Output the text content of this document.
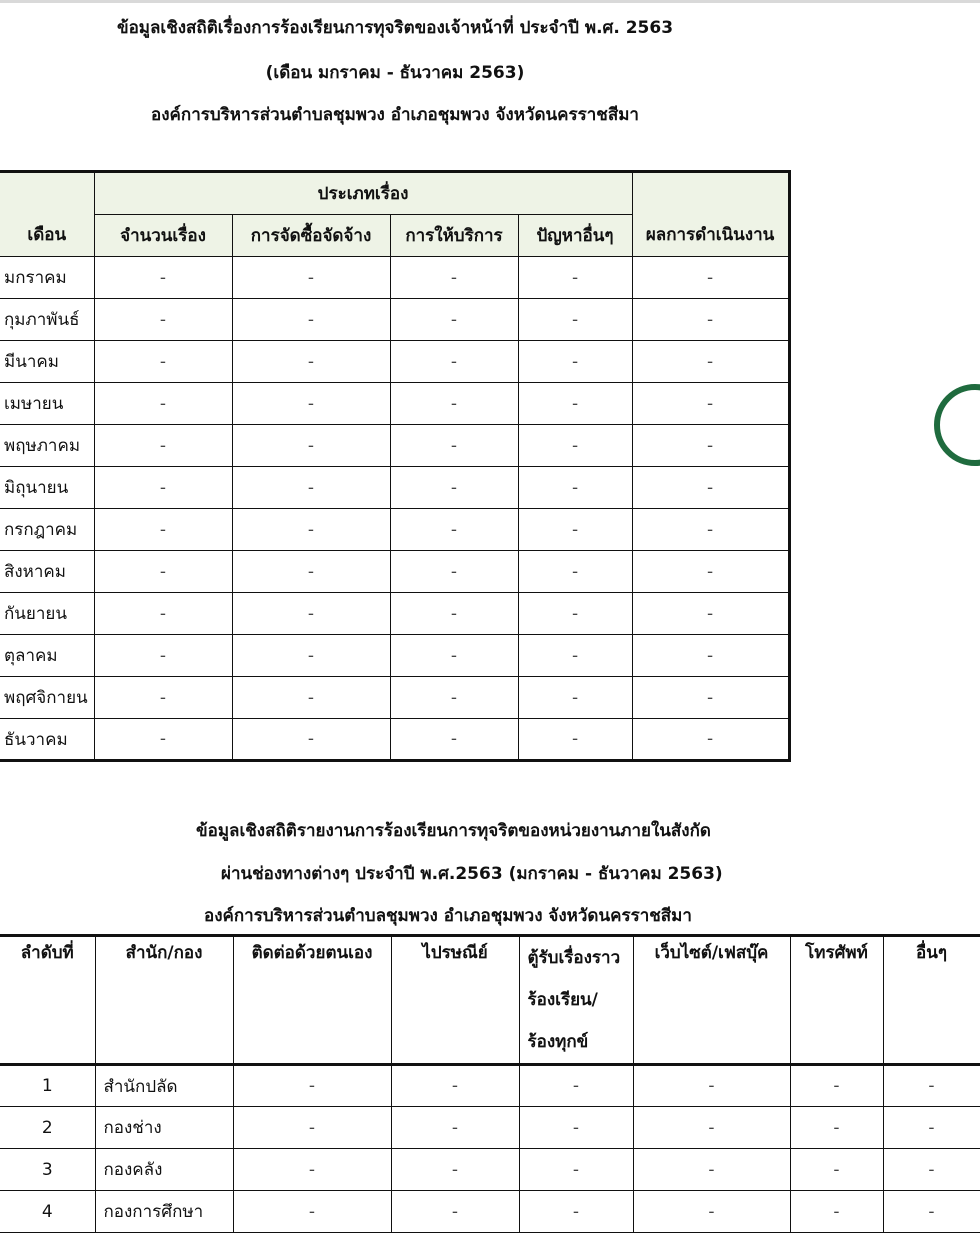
ข้อมูลเชิงสถิติเรื่องการร้องเรียนการทุจริตของเจ้าหน้าที่ ประจำปี พ.ศ. 2563
(เดือน มกราคม - ธันวาคม 2563)
องค์การบริหารส่วนตำบลชุมพวง อำเภอชุมพวง จังหวัดนครราชสีมา
เดือน	ประเภทเรื่อง				ผลการดำเนินงาน
	จำนวนเรื่อง	การจัดซื้อจัดจ้าง	การให้บริการ	ปัญหาอื่นๆ	
มกราคม	-	-	-	-	-
กุมภาพันธ์	-	-	-	-	-
มีนาคม	-	-	-	-	-
เมษายน	-	-	-	-	-
พฤษภาคม	-	-	-	-	-
มิถุนายน	-	-	-	-	-
กรกฎาคม	-	-	-	-	-
สิงหาคม	-	-	-	-	-
กันยายน	-	-	-	-	-
ตุลาคม	-	-	-	-	-
พฤศจิกายน	-	-	-	-	-
ธันวาคม	-	-	-	-	-
ข้อมูลเชิงสถิติรายงานการร้องเรียนการทุจริตของหน่วยงานภายในสังกัด
ผ่านช่องทางต่างๆ ประจำปี พ.ศ.2563 (มกราคม - ธันวาคม 2563)
องค์การบริหารส่วนตำบลชุมพวง อำเภอชุมพวง จังหวัดนครราชสีมา
ลำดับที่	สำนัก/กอง	ติดต่อด้วยตนเอง	ไปรษณีย์	ตู้รับเรื่องราว
ร้องเรียน/
ร้องทุกข์	เว็บไซต์/เฟสบุ๊ค	โทรศัพท์	อื่นๆ
1	สำนักปลัด	-	-	-	-	-	-
2	กองช่าง	-	-	-	-	-	-
3	กองคลัง	-	-	-	-	-	-
4	กองการศึกษา	-	-	-	-	-	-
